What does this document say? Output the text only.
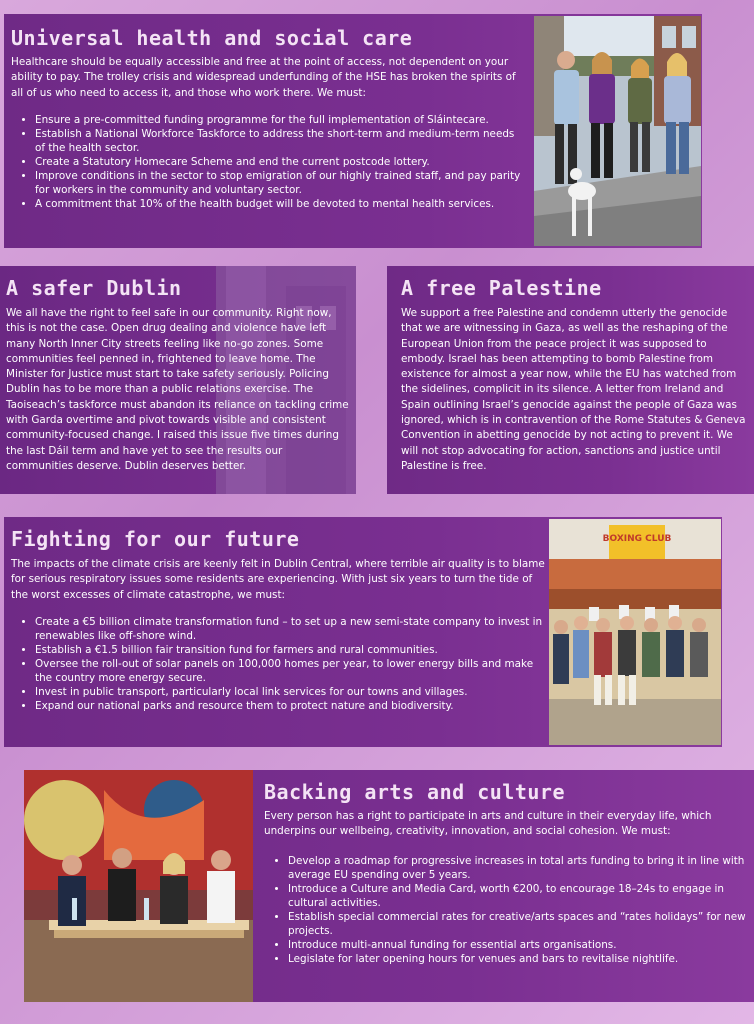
Universal health and social care

Healthcare should be equally accessible and free at the point of access, not dependent on your ability to pay. The trolley crisis and widespread underfunding of the HSE has broken the spirits of all of us who need to access it, and those who work there. We must:

• Ensure a pre-committed funding programme for the full implementation of Sláintecare.
• Establish a National Workforce Taskforce to address the short-term and medium-term needs of the health sector.
• Create a Statutory Homecare Scheme and end the current postcode lottery.
• Improve conditions in the sector to stop emigration of our highly trained staff, and pay parity for workers in the community and voluntary sector.
• A commitment that 10% of the health budget will be devoted to mental health services.
A safer Dublin

We all have the right to feel safe in our community. Right now, this is not the case. Open drug dealing and violence have left many North Inner City streets feeling like no-go zones. Some communities feel penned in, frightened to leave home. The Minister for Justice must start to take safety seriously. Policing Dublin has to be more than a public relations exercise. The Taoiseach’s taskforce must abandon its reliance on tackling crime with Garda overtime and pivot towards visible and consistent community-focused change. I raised this issue five times during the last Dáil term and have yet to see the results our communities deserve. Dublin deserves better.

A free Palestine

We support a free Palestine and condemn utterly the genocide that we are witnessing in Gaza, as well as the reshaping of the European Union from the peace project it was supposed to embody. Israel has been attempting to bomb Palestine from existence for almost a year now, while the EU has watched from the sidelines, complicit in its silence. A letter from Ireland and Spain outlining Israel’s genocide against the people of Gaza was ignored, which is in contravention of the Rome Statutes & Geneva Convention in abetting genocide by not acting to prevent it. We will not stop advocating for action, sanctions and justice until Palestine is free.

Fighting for our future

The impacts of the climate crisis are keenly felt in Dublin Central, where terrible air quality is to blame for serious respiratory issues some residents are experiencing. With just six years to turn the tide of the worst excesses of climate catastrophe, we must:

• Create a €5 billion climate transformation fund – to set up a new semi-state company to invest in renewables like off-shore wind.
• Establish a €1.5 billion fair transition fund for farmers and rural communities.
• Oversee the roll-out of solar panels on 100,000 homes per year, to lower energy bills and make the country more energy secure.
• Invest in public transport, particularly local link services for our towns and villages.
• Expand our national parks and resource them to protect nature and biodiversity.
BOXING CLUB
Backing arts and culture

Every person has a right to participate in arts and culture in their everyday life, which underpins our wellbeing, creativity, innovation, and social cohesion. We must:

• Develop a roadmap for progressive increases in total arts funding to bring it in line with average EU spending over 5 years.
• Introduce a Culture and Media Card, worth €200, to encourage 18–24s to engage in cultural activities.
• Establish special commercial rates for creative/arts spaces and “rates holidays” for new projects.
• Introduce multi-annual funding for essential arts organisations.
• Legislate for later opening hours for venues and bars to revitalise nightlife.
